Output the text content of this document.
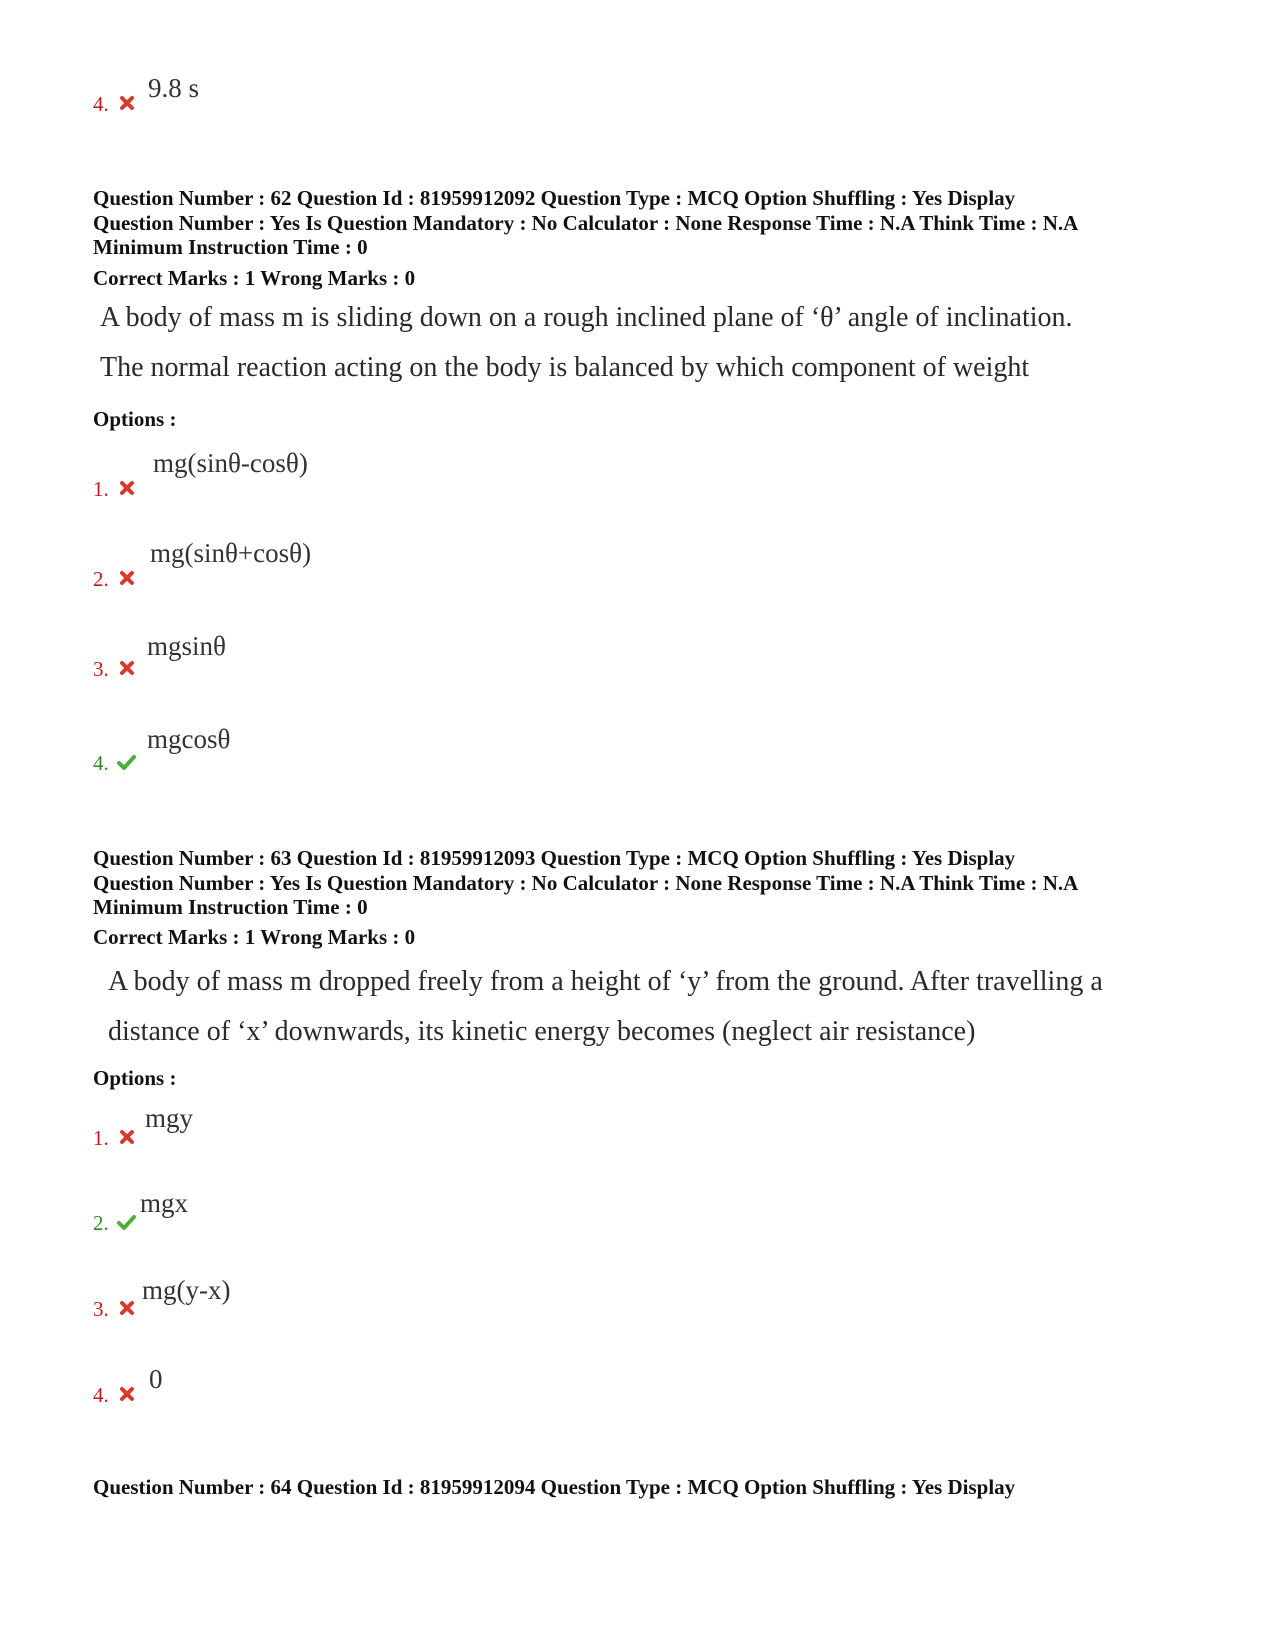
4.
9.8 s
Question Number : 62 Question Id : 81959912092 Question Type : MCQ Option Shuffling : Yes Display
Question Number : Yes Is Question Mandatory : No Calculator : None Response Time : N.A Think Time : N.A
Minimum Instruction Time : 0
Correct Marks : 1 Wrong Marks : 0
A body of mass m is sliding down on a rough inclined plane of ‘θ’ angle of inclination.
The normal reaction acting on the body is balanced by which component of weight
Options :
1.
mg(sinθ-cosθ)
2.
mg(sinθ+cosθ)
3.
mgsinθ
4.
mgcosθ
Question Number : 63 Question Id : 81959912093 Question Type : MCQ Option Shuffling : Yes Display
Question Number : Yes Is Question Mandatory : No Calculator : None Response Time : N.A Think Time : N.A
Minimum Instruction Time : 0
Correct Marks : 1 Wrong Marks : 0
A body of mass m dropped freely from a height of ‘y’ from the ground. After travelling a
distance of ‘x’ downwards, its kinetic energy becomes (neglect air resistance)
Options :
1.
mgy
2.
mgx
3.
mg(y-x)
4.
0
Question Number : 64 Question Id : 81959912094 Question Type : MCQ Option Shuffling : Yes Display
